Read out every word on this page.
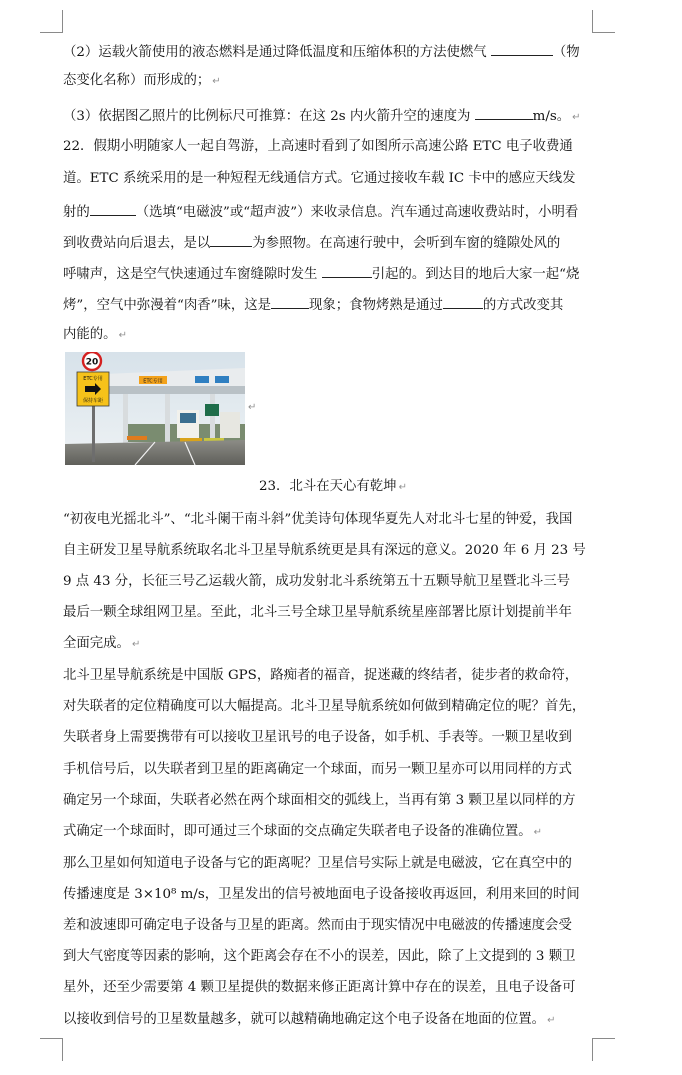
（2）运载火箭使用的液态燃料是通过降低温度和压缩体积的方法使燃气	（物
态变化名称）而形成的； ↵
（3）依据图乙照片的比例标尺可推算：在这 2s 内火箭升空的速度为	m/s。 ↵
22．假期小明随家人一起自驾游，上高速时看到了如图所示高速公路 ETC 电子收费通
道。ETC 系统采用的是一种短程无线通信方式。它通过接收车载 IC 卡中的感应天线发
射的	（选填“电磁波”或“超声波”）来收录信息。汽车通过高速收费站时，小明看
到收费站向后退去，是以	为参照物。在高速行驶中，会听到车窗的缝隙处风的
呼啸声，这是空气快速通过车窗缝隙时发生	引起的。到达目的地后大家一起“烧
烤”，空气中弥漫着“肉香”味，这是	现象；食物烤熟是通过	的方式改变其
内能的。 ↵
ETC专用
20
ETC专用
保持车距
↵
23．北斗在天心有乾坤 ↵
“初夜电光摇北斗”、“北斗阑干南斗斜”优美诗句体现华夏先人对北斗七星的钟爱，我国
自主研发卫星导航系统取名北斗卫星导航系统更是具有深远的意义。2020 年 6 月 23 号
9 点 43 分，长征三号乙运载火箭，成功发射北斗系统第五十五颗导航卫星暨北斗三号
最后一颗全球组网卫星。至此，北斗三号全球卫星导航系统星座部署比原计划提前半年
全面完成。 ↵
北斗卫星导航系统是中国版 GPS，路痴者的福音，捉迷藏的终结者，徒步者的救命符，
对失联者的定位精确度可以大幅提高。北斗卫星导航系统如何做到精确定位的呢？首先，
失联者身上需要携带有可以接收卫星讯号的电子设备，如手机、手表等。一颗卫星收到
手机信号后，以失联者到卫星的距离确定一个球面，而另一颗卫星亦可以用同样的方式
确定另一个球面，失联者必然在两个球面相交的弧线上，当再有第 3 颗卫星以同样的方
式确定一个球面时，即可通过三个球面的交点确定失联者电子设备的准确位置。 ↵
那么卫星如何知道电子设备与它的距离呢？卫星信号实际上就是电磁波，它在真空中的
传播速度是 3×10⁸ m/s，卫星发出的信号被地面电子设备接收再返回，利用来回的时间
差和波速即可确定电子设备与卫星的距离。然而由于现实情况中电磁波的传播速度会受
到大气密度等因素的影响，这个距离会存在不小的误差，因此，除了上文提到的 3 颗卫
星外，还至少需要第 4 颗卫星提供的数据来修正距离计算中存在的误差，且电子设备可
以接收到信号的卫星数量越多，就可以越精确地确定这个电子设备在地面的位置。 ↵
